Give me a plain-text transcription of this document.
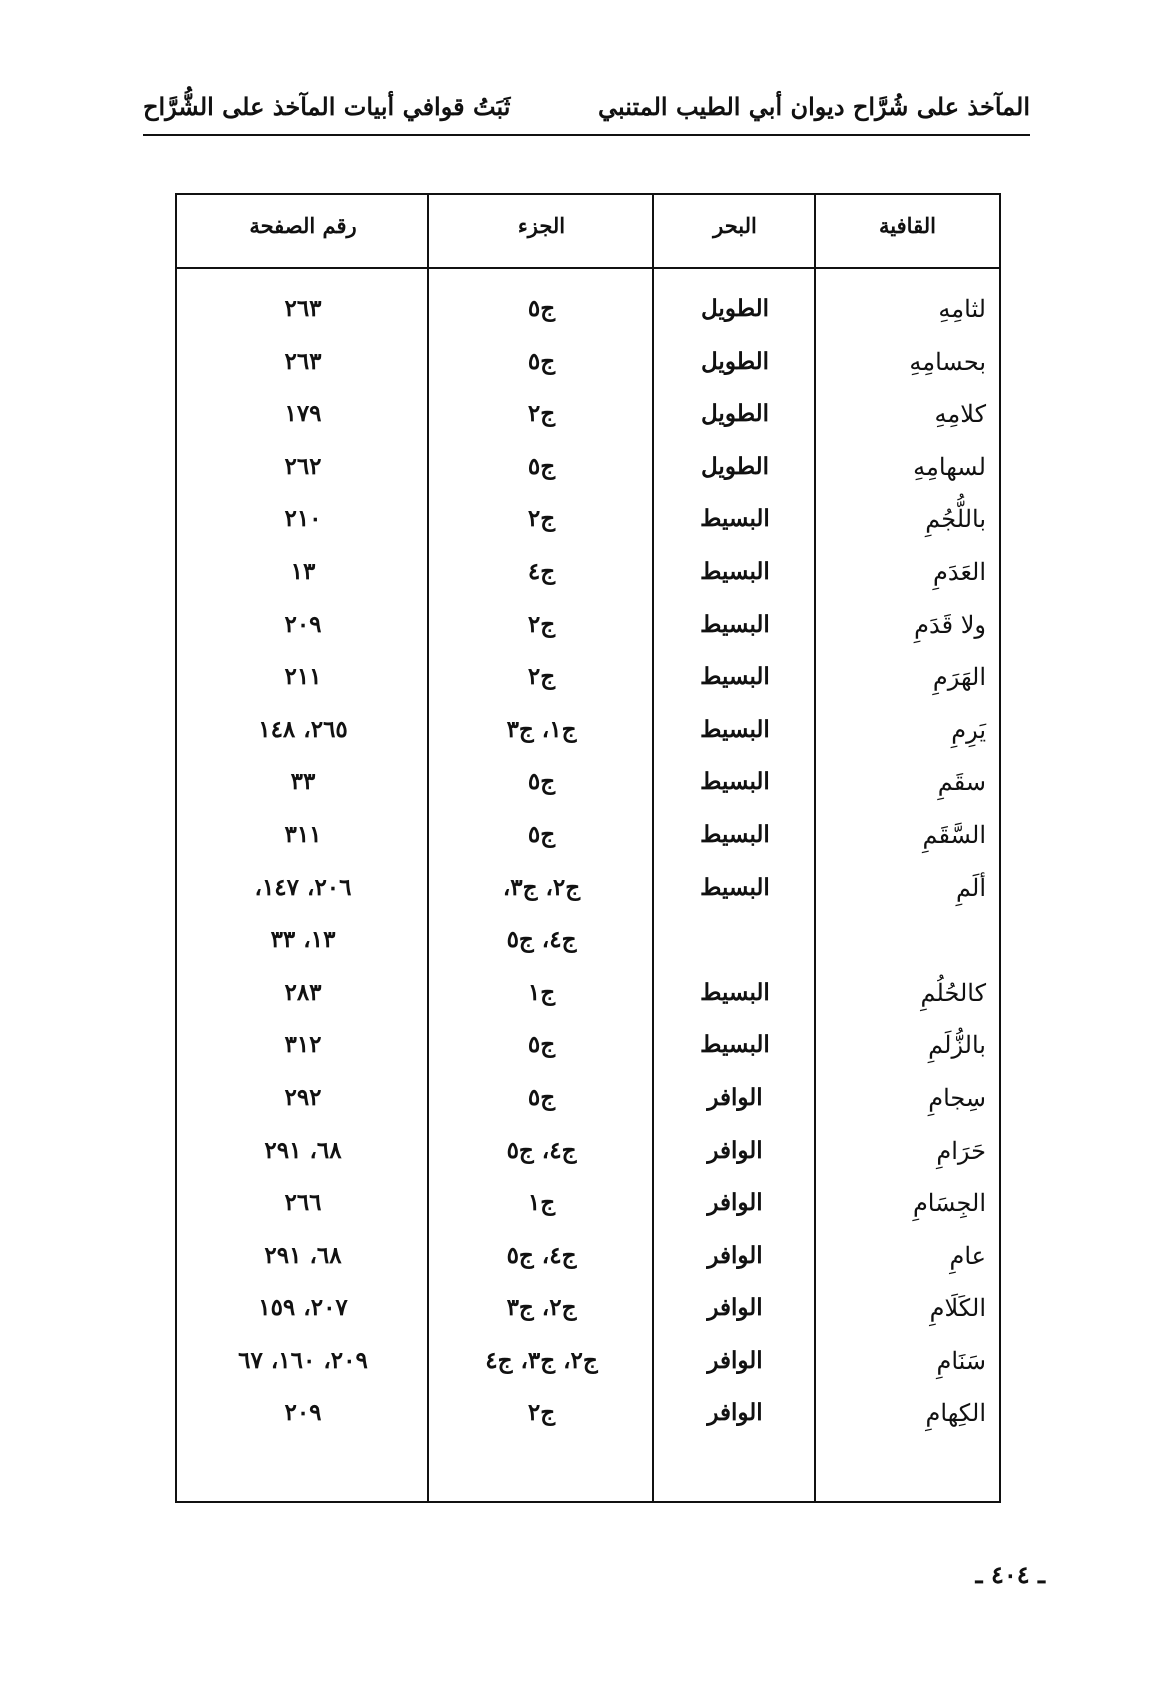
المآخذ على شُرَّاح ديوان أبي الطيب المتنبي
ثَبَتُ قوافي أبيات المآخذ على الشُّرَّاح
القافية
البحر
الجزء
رقم الصفحة
لثامِهِ
الطويل
ج٥
٢٦٣
بحسامِهِ
الطويل
ج٥
٢٦٣
كلامِهِ
الطويل
ج٢
١٧٩
لسهامِهِ
الطويل
ج٥
٢٦٢
باللُّجُمِ
البسيط
ج٢
٢١٠
العَدَمِ
البسيط
ج٤
١٣
ولا قَدَمِ
البسيط
ج٢
٢٠٩
الهَرَمِ
البسيط
ج٢
٢١١
يَرِمِ
البسيط
ج١، ج٣
٢٦٥، ١٤٨
سقَمِ
البسيط
ج٥
٣٣
السَّقَمِ
البسيط
ج٥
٣١١
ألَمِ
البسيط
ج٢، ج٣،
٢٠٦، ١٤٧،
ج٤، ج٥
١٣، ٣٣
كالحُلُمِ
البسيط
ج١
٢٨٣
بالزُّلَمِ
البسيط
ج٥
٣١٢
سِجامِ
الوافر
ج٥
٢٩٢
حَرَامِ
الوافر
ج٤، ج٥
٦٨، ٢٩١
الجِسَامِ
الوافر
ج١
٢٦٦
عامِ
الوافر
ج٤، ج٥
٦٨، ٢٩١
الكَلَامِ
الوافر
ج٢، ج٣
٢٠٧، ١٥٩
سَنَامِ
الوافر
ج٢، ج٣، ج٤
٢٠٩، ١٦٠، ٦٧
الكِهامِ
الوافر
ج٢
٢٠٩
ـ ٤٠٤ ـ
